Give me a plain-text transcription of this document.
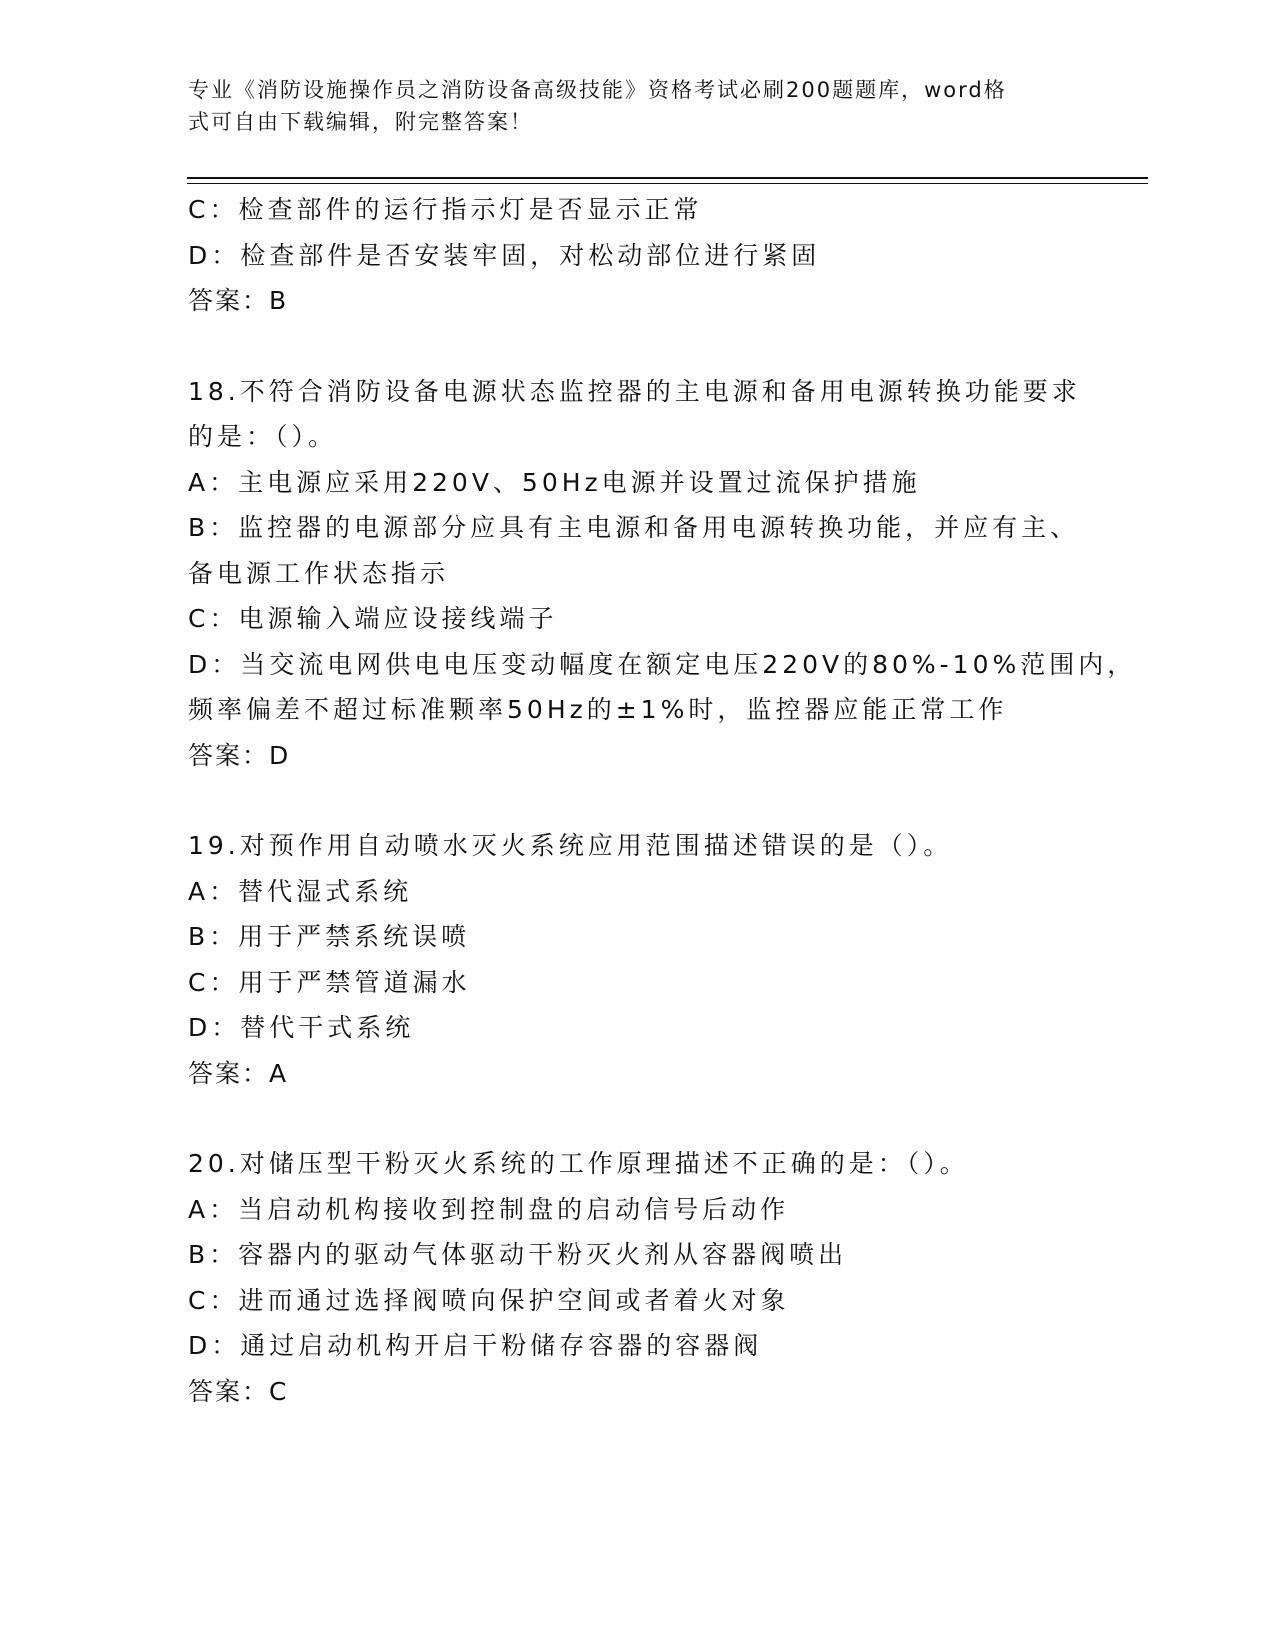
专业《消防设施操作员之消防设备高级技能》资格考试必刷200题题库，word格
式可自由下载编辑，附完整答案！
C：检查部件的运行指示灯是否显示正常
D：检查部件是否安装牢固，对松动部位进行紧固
答案：B
18.不符合消防设备电源状态监控器的主电源和备用电源转换功能要求
的是：（）。
A：主电源应采用220V、50Hz电源并设置过流保护措施
B：监控器的电源部分应具有主电源和备用电源转换功能，并应有主、
备电源工作状态指示
C：电源输入端应设接线端子
D：当交流电网供电电压变动幅度在额定电压220V的80%-10%范围内，
频率偏差不超过标准颗率50Hz的±1%时，监控器应能正常工作
答案：D
19.对预作用自动喷水灭火系统应用范围描述错误的是（）。
A：替代湿式系统
B：用于严禁系统误喷
C：用于严禁管道漏水
D：替代干式系统
答案：A
20.对储压型干粉灭火系统的工作原理描述不正确的是：（）。
A：当启动机构接收到控制盘的启动信号后动作
B：容器内的驱动气体驱动干粉灭火剂从容器阀喷出
C：进而通过选择阀喷向保护空间或者着火对象
D：通过启动机构开启干粉储存容器的容器阀
答案：C
